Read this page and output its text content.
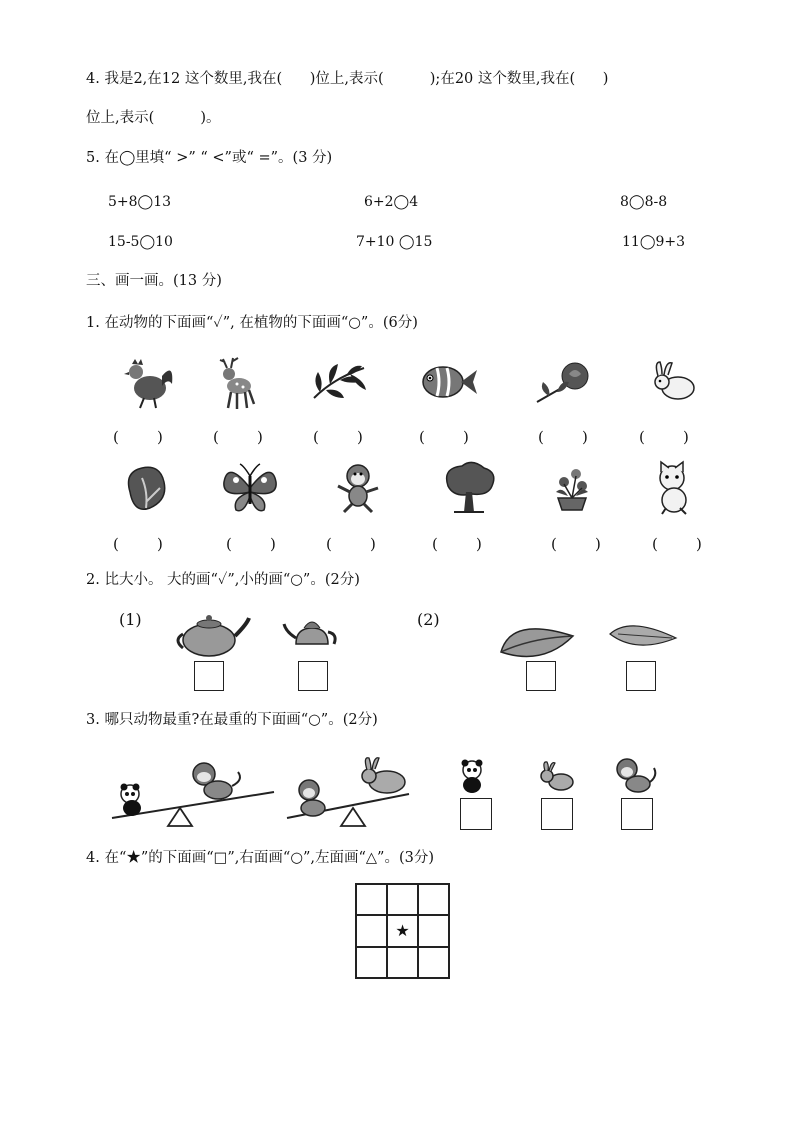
4. 我是2,在12 这个数里,我在(      )位上,表示(          );在20 这个数里,我在(      )
位上,表示(          )。
5. 在◯里填“ >” “ <”或“ =”。(3 分)
5+8◯13	6+2◯4	8◯8-8
15-5◯10	7+10 ◯15	11◯9+3
三、画一画。(13 分)
1. 在动物的下面画“✓”, 在植物的下面画“○”。(6分)
(        )	(        )	(        )	(        )	(        )	(        )
(        )	(        )	(        )	(        )	(        )	(        )
2. 比大小。 大的画“✓”,小的画“○”。(2分)
(1)	(2)
3. 哪只动物最重?在最重的下面画“○”。(2分)
4. 在“★”的下面画“□”,右面画“○”,左面画“△”。(3分)
★
